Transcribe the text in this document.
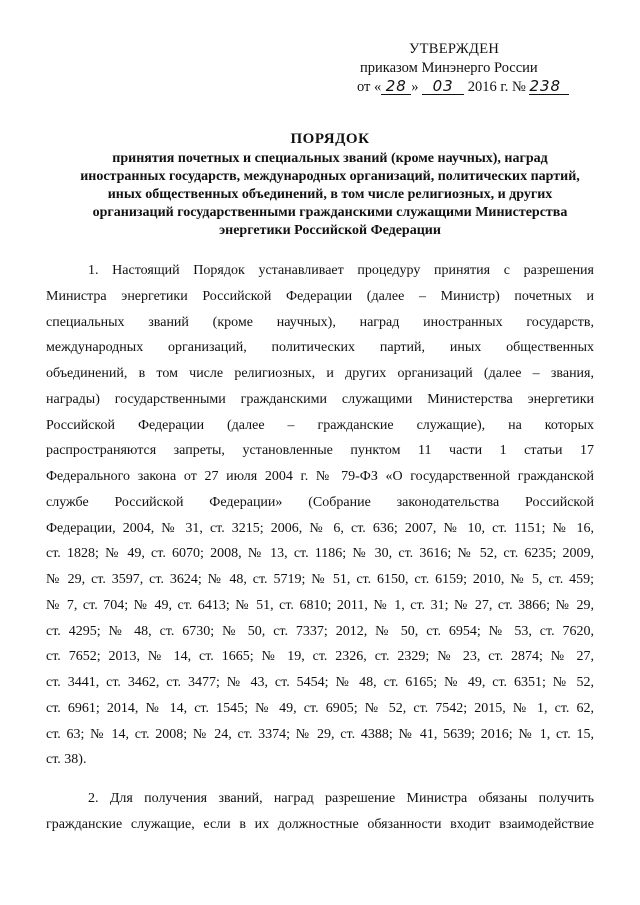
УТВЕРЖДЕН
приказом Минэнерго России
от « 28 » 03 2016 г. № 238
ПОРЯДОК
принятия почетных и специальных званий (кроме научных), наград
иностранных государств, международных организаций, политических партий,
иных общественных объединений, в том числе религиозных, и других
организаций государственными гражданскими служащими Министерства
энергетики Российской Федерации
1. Настоящий Порядок устанавливает процедуру принятия с разрешения
Министра энергетики Российской Федерации (далее – Министр) почетных и
специальных званий (кроме научных), наград иностранных государств,
международных организаций, политических партий, иных общественных
объединений, в том числе религиозных, и других организаций (далее – звания,
награды) государственными гражданскими служащими Министерства энергетики
Российской Федерации (далее – гражданские служащие), на которых
распространяются запреты, установленные пунктом 11 части 1 статьи 17
Федерального закона от 27 июля 2004 г. № 79-ФЗ «О государственной гражданской
службе Российской Федерации» (Собрание законодательства Российской
Федерации, 2004, № 31, ст. 3215; 2006, № 6, ст. 636; 2007, № 10, ст. 1151; № 16,
ст. 1828; № 49, ст. 6070; 2008, № 13, ст. 1186; № 30, ст. 3616; № 52, ст. 6235; 2009,
№ 29, ст. 3597, ст. 3624; № 48, ст. 5719; № 51, ст. 6150, ст. 6159; 2010, № 5, ст. 459;
№ 7, ст. 704; № 49, ст. 6413; № 51, ст. 6810; 2011, № 1, ст. 31; № 27, ст. 3866; № 29,
ст. 4295; № 48, ст. 6730; № 50, ст. 7337; 2012, № 50, ст. 6954; № 53, ст. 7620,
ст. 7652; 2013, № 14, ст. 1665; № 19, ст. 2326, ст. 2329; № 23, ст. 2874; № 27,
ст. 3441, ст. 3462, ст. 3477; № 43, ст. 5454; № 48, ст. 6165; № 49, ст. 6351; № 52,
ст. 6961; 2014, № 14, ст. 1545; № 49, ст. 6905; № 52, ст. 7542; 2015, № 1, ст. 62,
ст. 63; № 14, ст. 2008; № 24, ст. 3374; № 29, ст. 4388; № 41, 5639; 2016; № 1, ст. 15,
ст. 38).
2. Для получения званий, наград разрешение Министра обязаны получить
гражданские служащие, если в их должностные обязанности входит взаимодействие
